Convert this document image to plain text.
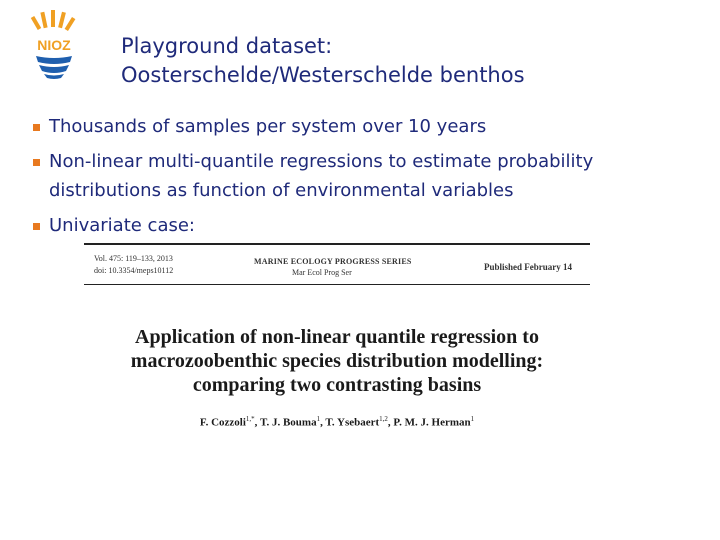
NIOZ Playground dataset:
Oosterschelde/Westerschelde benthos
Thousands of samples per system over 10 years
Non-linear multi-quantile regressions to estimate probability distributions as function of environmental variables
Univariate case:
Vol. 475: 119–133, 2013
doi: 10.3354/meps10112
MARINE ECOLOGY PROGRESS SERIES
Mar Ecol Prog Ser
Published February 14
Application of non-linear quantile regression to
macrozoobenthic species distribution modelling:
comparing two contrasting basins
F. Cozzoli$^{1,*}$, T. J. Bouma$^1$, T. Ysebaert$^{1,2}$, P. M. J. Herman$^1$
